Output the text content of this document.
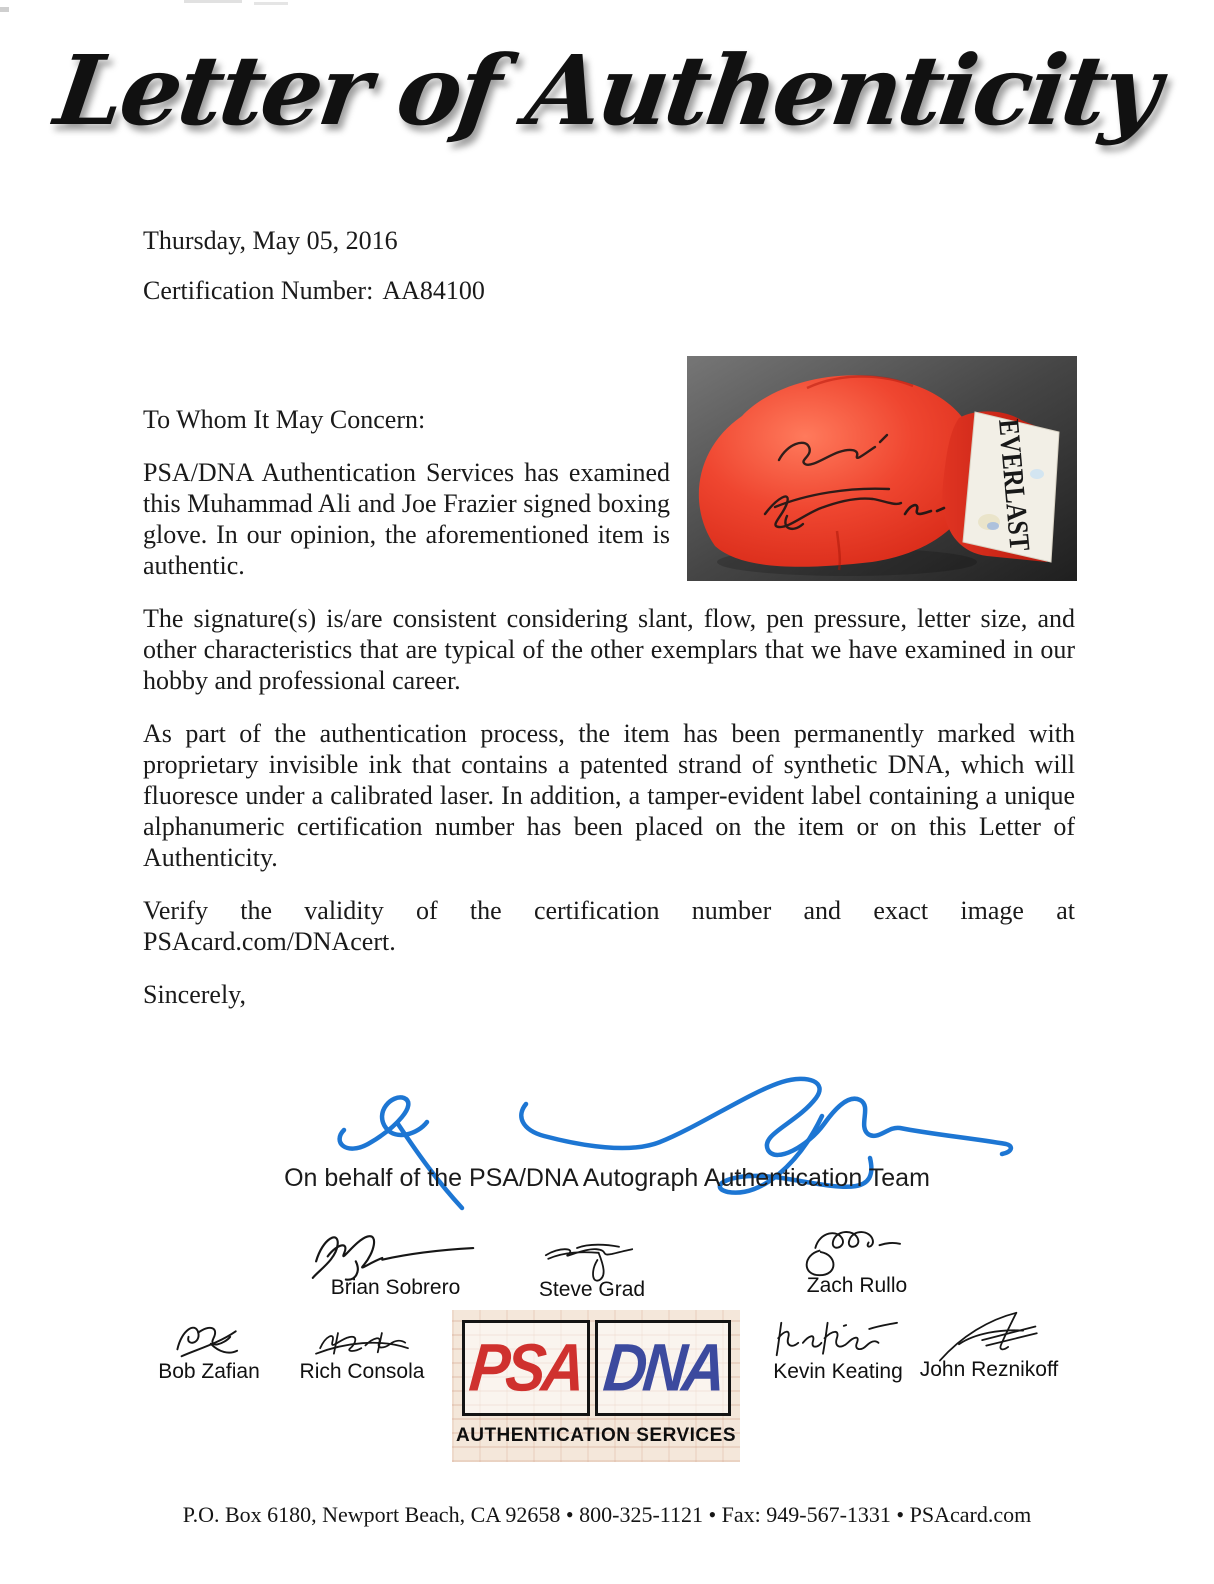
Letter of Authenticity
Thursday, May 05, 2016
Certification Number: AA84100
EVERLAST

To Whom It May Concern:

PSA/DNA Authentication Services has examined this Muhammad Ali and Joe Frazier signed boxing glove. In our opinion, the aforementioned item is authentic.

The signature(s) is/are consistent considering slant, flow, pen pressure, letter size, and other characteristics that are typical of the other exemplars that we have examined in our hobby and professional career.

As part of the authentication process, the item has been permanently marked with proprietary invisible ink that contains a patented strand of synthetic DNA, which will fluoresce under a calibrated laser. In addition, a tamper-evident label containing a unique alphanumeric certification number has been placed on the item or on this Letter of Authenticity.

Verify the validity of the certification number and exact image at PSAcard.com/DNAcert.

Sincerely,

On behalf of the PSA/DNA Autograph Authentication Team
Brian Sobrero	Steve Grad	Zach Rullo
Bob Zafian	Rich Consola PSA DNA
AUTHENTICATION SERVICES
Kevin Keating John Reznikoff
P.O. Box 6180, Newport Beach, CA 92658 • 800-325-1121 • Fax: 949-567-1331 • PSAcard.com
